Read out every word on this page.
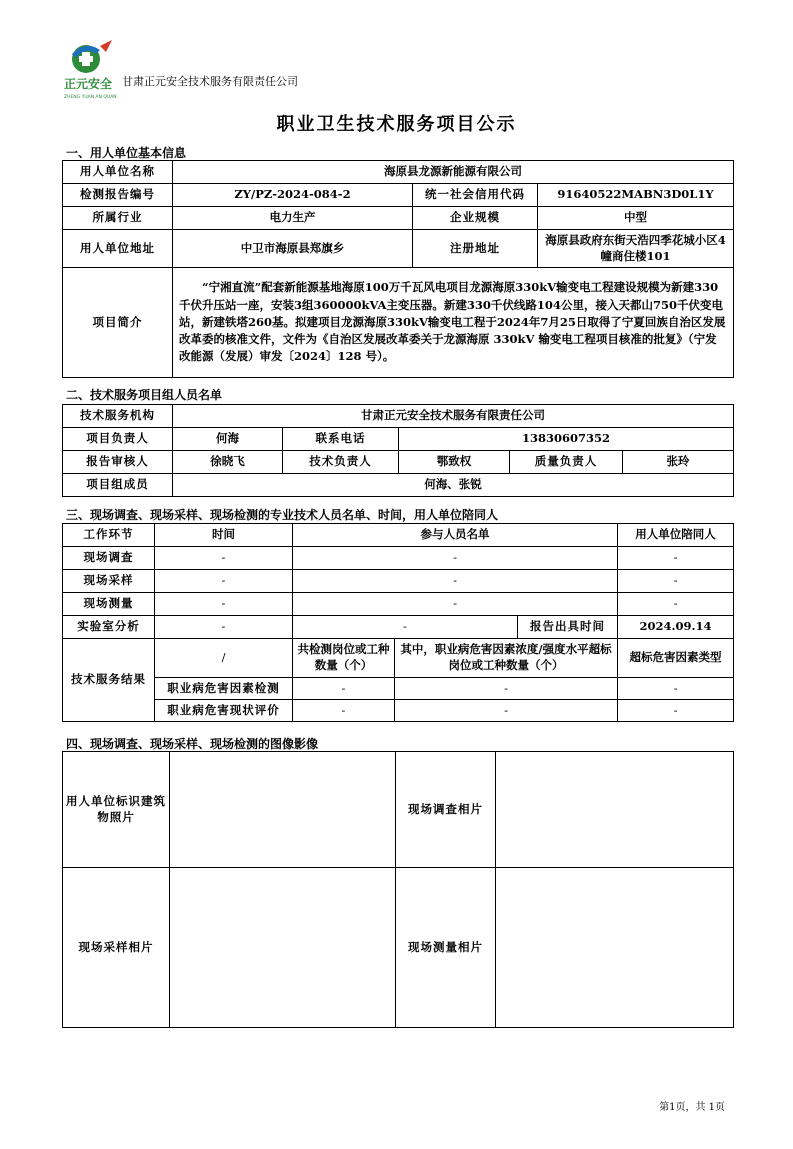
正元安全
ZHENG YUAN AN QUAN
甘肃正元安全技术服务有限责任公司
职业卫生技术服务项目公示
一、用人单位基本信息
用人单位名称	海原县龙源新能源有限公司		
检测报告编号	ZY/PZ-2024-084-2	统一社会信用代码	91640522MABN3D0L1Y
所属行业	电力生产	企业规模	中型
用人单位地址	中卫市海原县郑旗乡	注册地址	海原县政府东街天浩四季花城小区4幢商住楼101
项目简介	“宁湘直流”配套新能源基地海原100万千瓦风电项目龙源海原330kV输变电工程建设规模为新建330千伏升压站一座，安装3组360000kVA主变压器。新建330千伏线路104公里，接入天都山750千伏变电站，新建铁塔260基。拟建项目龙源海原330kV输变电工程于2024年7月25日取得了宁夏回族自治区发展改革委的核准文件，文件为《自治区发展改革委关于龙源海原 330kV 输变电工程项目核准的批复》（宁发改能源（发展）审发〔2024〕128 号）。		
二、技术服务项目组人员名单
技术服务机构	甘肃正元安全技术服务有限责任公司				
项目负责人	何海	联系电话	13830607352		
报告审核人	徐晓飞	技术负责人	鄂致权	质量负责人	张玲
项目组成员	何海、张锐				
三、现场调查、现场采样、现场检测的专业技术人员名单、时间，用人单位陪同人
工作环节	时间	参与人员名单			用人单位陪同人
现场调查	-	-			-
现场采样	-	-			-
现场测量	-	-			-
实验室分析	-	-		报告出具时间	2024.09.14
技术服务结果	/	共检测岗位或工种数量（个）	其中，职业病危害因素浓度/强度水平超标岗位或工种数量（个）		超标危害因素类型
	职业病危害因素检测	-	-		-
	职业病危害现状评价	-	-		-
四、现场调查、现场采样、现场检测的图像影像
用人单位标识建筑物照片		现场调查相片	
现场采样相片		现场测量相片	
第1页，共 1页
